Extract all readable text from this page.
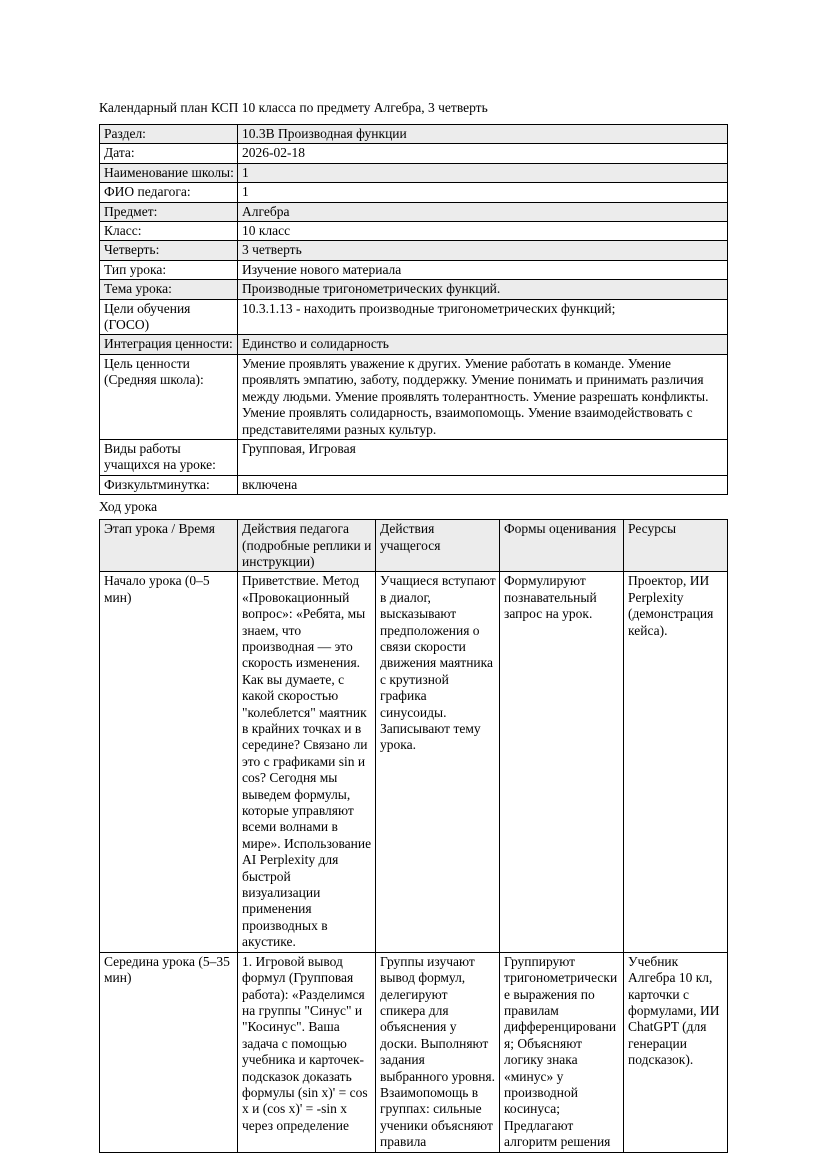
Календарный план КСП 10 класса по предмету Алгебра, 3 четверть

Раздел:	10.3В Производная функции
Дата:	2026-02-18
Наименование школы:	1
ФИО педагога:	1
Предмет:	Алгебра
Класс:	10 класс
Четверть:	3 четверть
Тип урока:	Изучение нового материала
Тема урока:	Производные тригонометрических функций.
Цели обучения (ГОСО)	10.3.1.13 - находить производные тригонометрических функций;
Интеграция ценности:	Единство и солидарность
Цель ценности (Средняя школа):	Умение проявлять уважение к других. Умение работать в команде. Умение проявлять эмпатию, заботу, поддержку. Умение понимать и принимать различия между людьми. Умение проявлять толерантность. Умение разрешать конфликты. Умение проявлять солидарность, взаимопомощь. Умение взаимодействовать с представителями разных культур.
Виды работы учащихся на уроке:	Групповая, Игровая
Физкультминутка:	включена

Ход урока

Этап урока / Время	Действия педагога (подробные реплики и инструкции)	Действия учащегося	Формы оценивания	Ресурсы
Начало урока (0–5 мин)	Приветствие. Метод «Провокационный вопрос»: «Ребята, мы знаем, что производная — это скорость изменения. Как вы думаете, с какой скоростью "колеблется" маятник в крайних точках и в середине? Связано ли это с графиками sin и cos? Сегодня мы выведем формулы, которые управляют всеми волнами в мире». Использование AI Perplexity для быстрой визуализации применения производных в акустике.	Учащиеся вступают в диалог, высказывают предположения о связи скорости движения маятника с крутизной графика синусоиды. Записывают тему урока.	Формулируют познавательный запрос на урок.	Проектор, ИИ Perplexity (демонстрация кейса).
Середина урока (5–35 мин)	1. Игровой вывод формул (Групповая работа): «Разделимся на группы "Синус" и "Косинус". Ваша задача с помощью учебника и карточек-подсказок доказать формулы (sin x)' = cos x и (cos x)' = -sin x через определение	Группы изучают вывод формул, делегируют спикера для объяснения у доски. Выполняют задания выбранного уровня. Взаимопомощь в группах: сильные ученики объясняют правила	Группируют тригонометрические выражения по правилам дифференцирования; Объясняют логику знака «минус» у производной косинуса; Предлагают алгоритм решения	Учебник Алгебра 10 кл, карточки с формулами, ИИ ChatGPT (для генерации подсказок).
